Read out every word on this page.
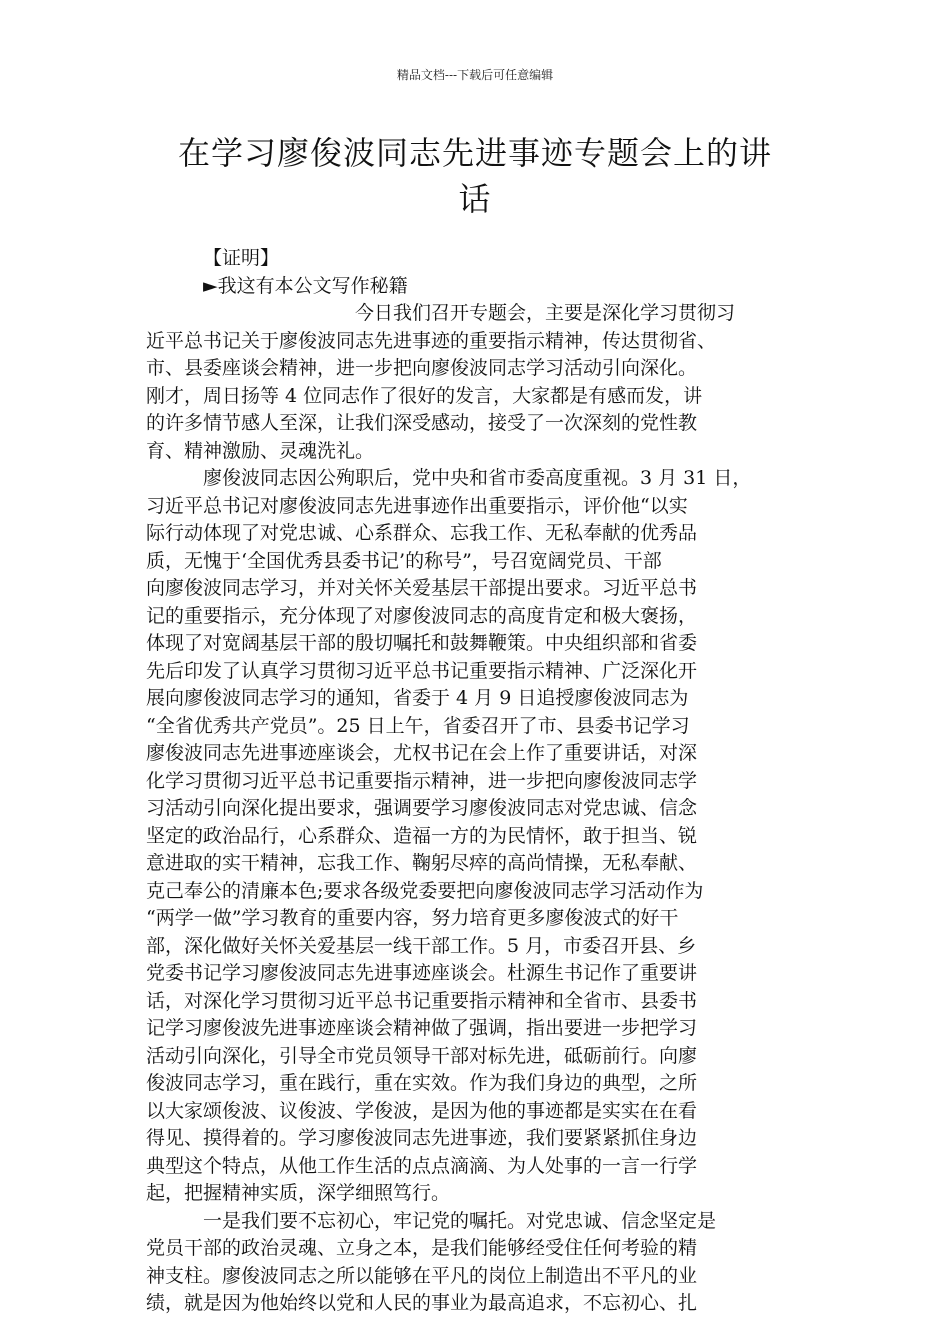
精品文档---下载后可任意编辑
在学习廖俊波同志先进事迹专题会上的讲
话
【证明】
►我这有本公文写作秘籍
今日我们召开专题会，主要是深化学习贯彻习
近平总书记关于廖俊波同志先进事迹的重要指示精神，传达贯彻省、
市、县委座谈会精神，进一步把向廖俊波同志学习活动引向深化。
刚才，周日扬等 4 位同志作了很好的发言，大家都是有感而发，讲
的许多情节感人至深，让我们深受感动，接受了一次深刻的党性教
育、精神激励、灵魂洗礼。
廖俊波同志因公殉职后，党中央和省市委高度重视。3 月 31 日，
习近平总书记对廖俊波同志先进事迹作出重要指示，评价他“以实
际行动体现了对党忠诚、心系群众、忘我工作、无私奉献的优秀品
质，无愧于‘全国优秀县委书记’的称号”，号召宽阔党员、干部
向廖俊波同志学习，并对关怀关爱基层干部提出要求。习近平总书
记的重要指示，充分体现了对廖俊波同志的高度肯定和极大褒扬，
体现了对宽阔基层干部的殷切嘱托和鼓舞鞭策。中央组织部和省委
先后印发了认真学习贯彻习近平总书记重要指示精神、广泛深化开
展向廖俊波同志学习的通知，省委于 4 月 9 日追授廖俊波同志为
“全省优秀共产党员”。25 日上午，省委召开了市、县委书记学习
廖俊波同志先进事迹座谈会，尤权书记在会上作了重要讲话，对深
化学习贯彻习近平总书记重要指示精神，进一步把向廖俊波同志学
习活动引向深化提出要求，强调要学习廖俊波同志对党忠诚、信念
坚定的政治品行，心系群众、造福一方的为民情怀，敢于担当、锐
意进取的实干精神，忘我工作、鞠躬尽瘁的高尚情操，无私奉献、
克己奉公的清廉本色;要求各级党委要把向廖俊波同志学习活动作为
“两学一做”学习教育的重要内容，努力培育更多廖俊波式的好干
部，深化做好关怀关爱基层一线干部工作。5 月，市委召开县、乡
党委书记学习廖俊波同志先进事迹座谈会。杜源生书记作了重要讲
话，对深化学习贯彻习近平总书记重要指示精神和全省市、县委书
记学习廖俊波先进事迹座谈会精神做了强调，指出要进一步把学习
活动引向深化，引导全市党员领导干部对标先进，砥砺前行。向廖
俊波同志学习，重在践行，重在实效。作为我们身边的典型，之所
以大家颂俊波、议俊波、学俊波，是因为他的事迹都是实实在在看
得见、摸得着的。学习廖俊波同志先进事迹，我们要紧紧抓住身边
典型这个特点，从他工作生活的点点滴滴、为人处事的一言一行学
起，把握精神实质，深学细照笃行。
一是我们要不忘初心，牢记党的嘱托。对党忠诚、信念坚定是
党员干部的政治灵魂、立身之本，是我们能够经受住任何考验的精
神支柱。廖俊波同志之所以能够在平凡的岗位上制造出不平凡的业
绩，就是因为他始终以党和人民的事业为最高追求，不忘初心、扎
